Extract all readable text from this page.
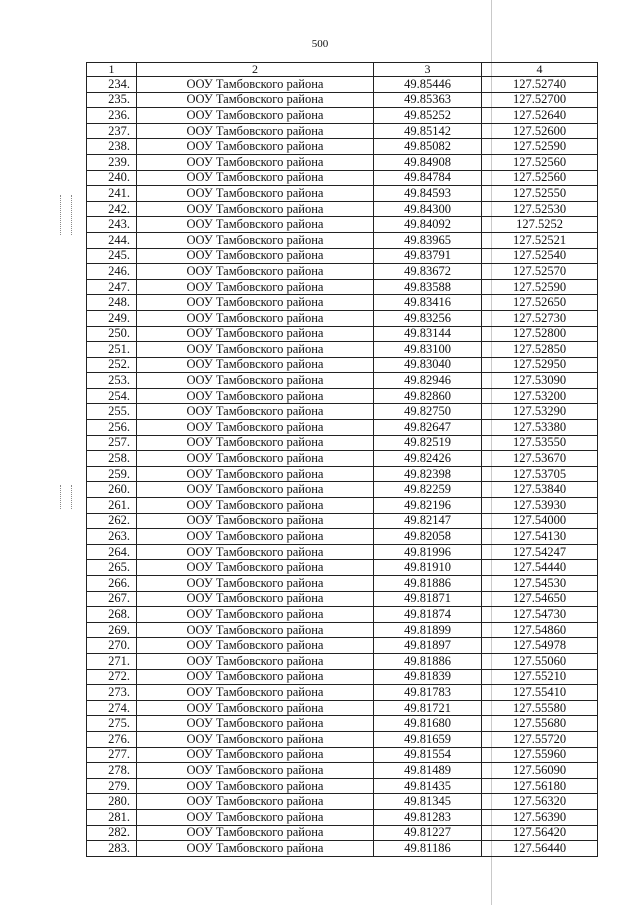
500
1	2	3	4
234.	ООУ Тамбовского района	49.85446	127.52740
235.	ООУ Тамбовского района	49.85363	127.52700
236.	ООУ Тамбовского района	49.85252	127.52640
237.	ООУ Тамбовского района	49.85142	127.52600
238.	ООУ Тамбовского района	49.85082	127.52590
239.	ООУ Тамбовского района	49.84908	127.52560
240.	ООУ Тамбовского района	49.84784	127.52560
241.	ООУ Тамбовского района	49.84593	127.52550
242.	ООУ Тамбовского района	49.84300	127.52530
243.	ООУ Тамбовского района	49.84092	127.5252
244.	ООУ Тамбовского района	49.83965	127.52521
245.	ООУ Тамбовского района	49.83791	127.52540
246.	ООУ Тамбовского района	49.83672	127.52570
247.	ООУ Тамбовского района	49.83588	127.52590
248.	ООУ Тамбовского района	49.83416	127.52650
249.	ООУ Тамбовского района	49.83256	127.52730
250.	ООУ Тамбовского района	49.83144	127.52800
251.	ООУ Тамбовского района	49.83100	127.52850
252.	ООУ Тамбовского района	49.83040	127.52950
253.	ООУ Тамбовского района	49.82946	127.53090
254.	ООУ Тамбовского района	49.82860	127.53200
255.	ООУ Тамбовского района	49.82750	127.53290
256.	ООУ Тамбовского района	49.82647	127.53380
257.	ООУ Тамбовского района	49.82519	127.53550
258.	ООУ Тамбовского района	49.82426	127.53670
259.	ООУ Тамбовского района	49.82398	127.53705
260.	ООУ Тамбовского района	49.82259	127.53840
261.	ООУ Тамбовского района	49.82196	127.53930
262.	ООУ Тамбовского района	49.82147	127.54000
263.	ООУ Тамбовского района	49.82058	127.54130
264.	ООУ Тамбовского района	49.81996	127.54247
265.	ООУ Тамбовского района	49.81910	127.54440
266.	ООУ Тамбовского района	49.81886	127.54530
267.	ООУ Тамбовского района	49.81871	127.54650
268.	ООУ Тамбовского района	49.81874	127.54730
269.	ООУ Тамбовского района	49.81899	127.54860
270.	ООУ Тамбовского района	49.81897	127.54978
271.	ООУ Тамбовского района	49.81886	127.55060
272.	ООУ Тамбовского района	49.81839	127.55210
273.	ООУ Тамбовского района	49.81783	127.55410
274.	ООУ Тамбовского района	49.81721	127.55580
275.	ООУ Тамбовского района	49.81680	127.55680
276.	ООУ Тамбовского района	49.81659	127.55720
277.	ООУ Тамбовского района	49.81554	127.55960
278.	ООУ Тамбовского района	49.81489	127.56090
279.	ООУ Тамбовского района	49.81435	127.56180
280.	ООУ Тамбовского района	49.81345	127.56320
281.	ООУ Тамбовского района	49.81283	127.56390
282.	ООУ Тамбовского района	49.81227	127.56420
283.	ООУ Тамбовского района	49.81186	127.56440
